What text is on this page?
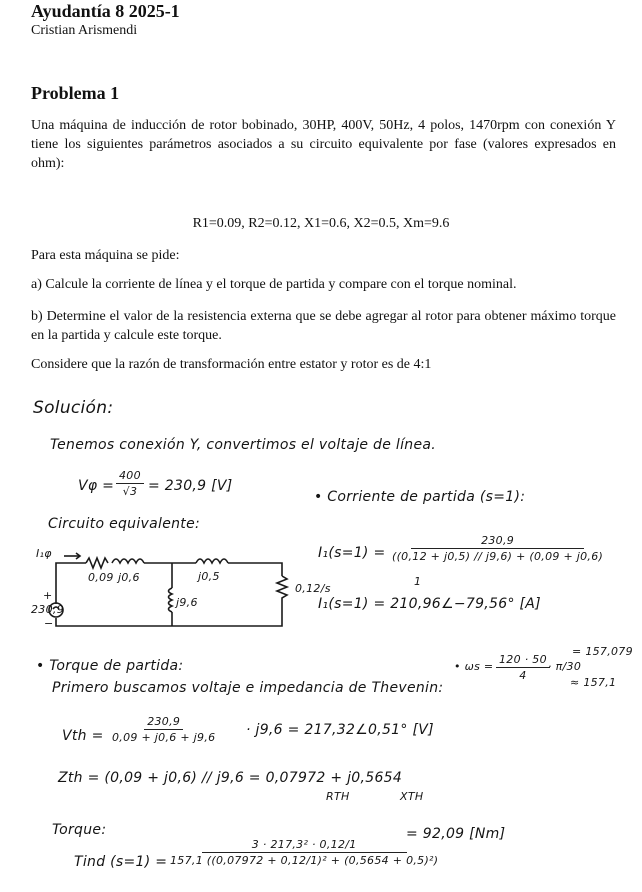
Ayudantía 8 2025-1
Cristian Arismendi
Problema 1
Una máquina de inducción de rotor bobinado, 30HP, 400V, 50Hz, 4 polos, 1470rpm con conexión Y tiene los siguientes parámetros asociados a su circuito equivalente por fase (valores expresados en ohm):
R1=0.09, R2=0.12, X1=0.6, X2=0.5, Xm=9.6
Para esta máquina se pide:
a) Calcule la corriente de línea y el torque de partida y compare con el torque nominal.
b) Determine el valor de la resistencia externa que se debe agregar al rotor para obtener máximo torque en la partida y calcule este torque.
Considere que la razón de transformación entre estator y rotor es de 4:1
Solución:
Tenemos conexión Y, convertimos el voltaje de línea.
$V\varphi = \frac{400}{√3} = 230,9$ [V]
Circuito equivalente:
I₁φ
230,9
+
−
0,09 j0,6	j0,5
j9,6
0,12/s
• Corriente de partida (s=1):
$I_1(s=1) = \frac{230,9}{((0,12 + j0,5) // j9,6) + (0,09 + j0,6)}$
1
I₁(s=1) = 210,96∠−79,56° [A]
• Torque de partida:
Primero buscamos voltaje e impedancia de Thevenin:
• $\omega s = \frac{120 \cdot 50}{4}$
· π/30
= 157,079
≈ 157,1
Vth = $\frac{230,9}{0,09 + j0,6 + j9,6} \cdot j9,6$ = 217,32∠0,51° [V]
Zth = (0,09 + j0,6) // j9,6 = 0,07972 + j0,5654
RTH	XTH
Torque:
Tind $(s=1) = \frac{\text{3 · 217,3² · 0,12/1}}{\text{157,1 ((0,07972 + 0,12/1)² + (0,5654 + 0,5)²)}}$
= 92,09 [Nm]
